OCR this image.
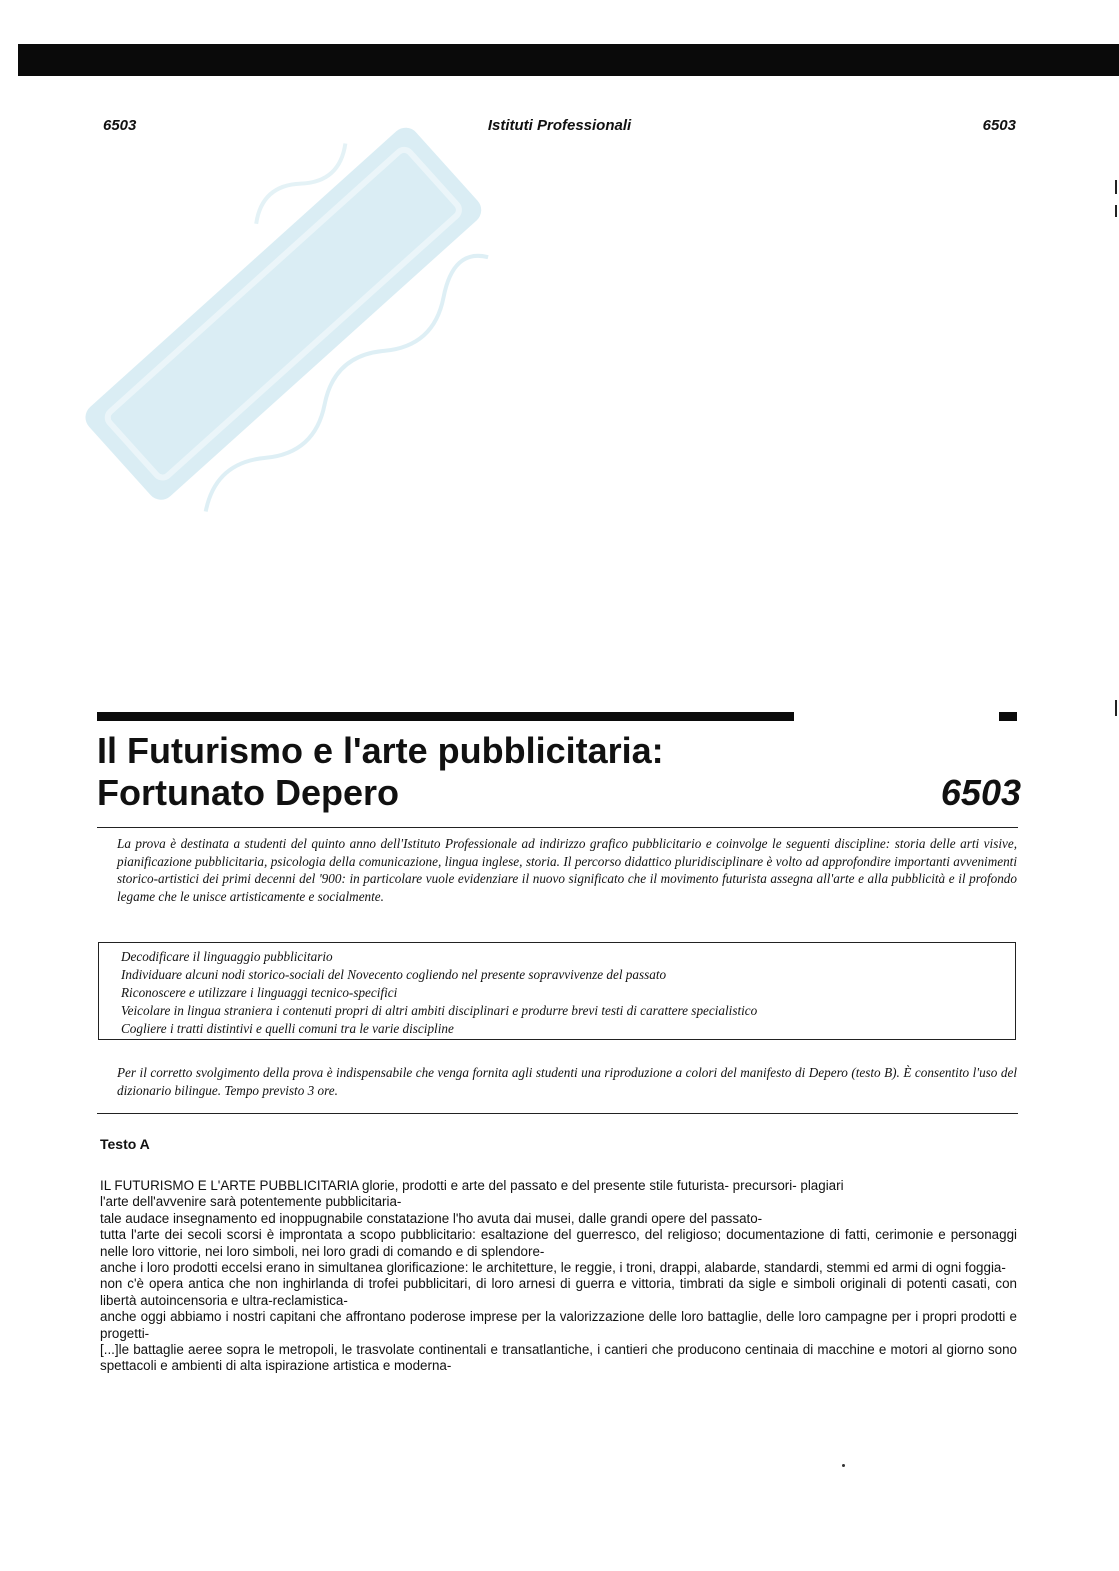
6503	Istituti Professionali	6503
Il Futurismo e l'arte pubblicitaria:
Fortunato Depero	6503

La prova è destinata a studenti del quinto anno dell'Istituto Professionale ad indirizzo grafico pubblicitario e coinvolge le seguenti discipline: storia delle arti visive, pianificazione pubblicitaria, psicologia della comunicazione, lingua inglese, storia. Il percorso didattico pluridisciplinare è volto ad approfondire importanti avvenimenti storico-artistici dei primi decenni del '900: in particolare vuole evidenziare il nuovo significato che il movimento futurista assegna all'arte e alla pubblicità e il profondo legame che le unisce artisticamente e socialmente.

Decodificare il linguaggio pubblicitario
Individuare alcuni nodi storico-sociali del Novecento cogliendo nel presente sopravvivenze del passato
Riconoscere e utilizzare i linguaggi tecnico-specifici
Veicolare in lingua straniera i contenuti propri di altri ambiti disciplinari e produrre brevi testi di carattere specialistico
Cogliere i tratti distintivi e quelli comuni tra le varie discipline

Per il corretto svolgimento della prova è indispensabile che venga fornita agli studenti una riproduzione a colori del manifesto di Depero (testo B). È consentito l'uso del dizionario bilingue. Tempo previsto 3 ore.

Testo A

IL FUTURISMO E L'ARTE PUBBLICITARIA glorie, prodotti e arte del passato e del presente stile futurista- precursori- plagiari

l'arte dell'avvenire sarà potentemente pubblicitaria-

tale audace insegnamento ed inoppugnabile constatazione l'ho avuta dai musei, dalle grandi opere del passato-

tutta l'arte dei secoli scorsi è improntata a scopo pubblicitario: esaltazione del guerresco, del religioso; documentazione di fatti, cerimonie e personaggi nelle loro vittorie, nei loro simboli, nei loro gradi di comando e di splendore-

anche i loro prodotti eccelsi erano in simultanea glorificazione: le architetture, le reggie, i troni, drappi, alabarde, standardi, stemmi ed armi di ogni foggia-

non c'è opera antica che non inghirlanda di trofei pubblicitari, di loro arnesi di guerra e vittoria, timbrati da sigle e simboli originali di potenti casati, con libertà autoincensoria e ultra-reclamistica-

anche oggi abbiamo i nostri capitani che affrontano poderose imprese per la valorizzazione delle loro battaglie, delle loro campagne per i propri prodotti e progetti-

[...]le battaglie aeree sopra le metropoli, le trasvolate continentali e transatlantiche, i cantieri che producono centinaia di macchine e motori al giorno sono spettacoli e ambienti di alta ispirazione artistica e moderna-
